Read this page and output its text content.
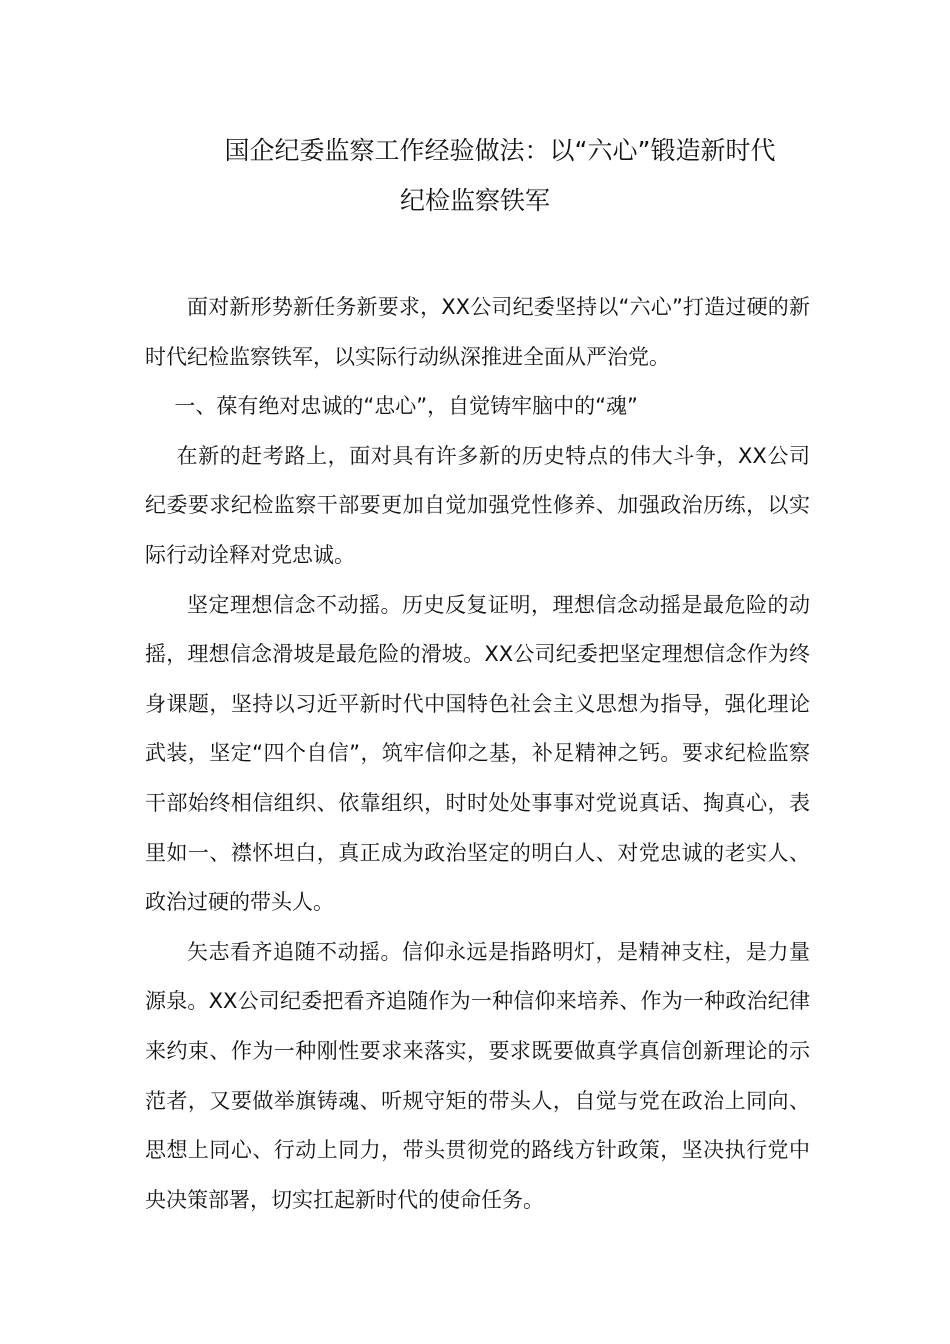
国企纪委监察工作经验做法：以“六心”锻造新时代
纪检监察铁军

面对新形势新任务新要求，XX公司纪委坚持以“六心”打造过硬的新时代纪检监察铁军，以实际行动纵深推进全面从严治党。

一、葆有绝对忠诚的“忠心”，自觉铸牢脑中的“魂”

在新的赶考路上，面对具有许多新的历史特点的伟大斗争，XX公司纪委要求纪检监察干部要更加自觉加强党性修养、加强政治历练，以实际行动诠释对党忠诚。

坚定理想信念不动摇。历史反复证明，理想信念动摇是最危险的动摇，理想信念滑坡是最危险的滑坡。XX公司纪委把坚定理想信念作为终身课题，坚持以习近平新时代中国特色社会主义思想为指导，强化理论武装，坚定“四个自信”，筑牢信仰之基，补足精神之钙。要求纪检监察干部始终相信组织、依靠组织，时时处处事事对党说真话、掏真心，表里如一、襟怀坦白，真正成为政治坚定的明白人、对党忠诚的老实人、政治过硬的带头人。

矢志看齐追随不动摇。信仰永远是指路明灯，是精神支柱，是力量源泉。XX公司纪委把看齐追随作为一种信仰来培养、作为一种政治纪律来约束、作为一种刚性要求来落实，要求既要做真学真信创新理论的示范者，又要做举旗铸魂、听规守矩的带头人，自觉与党在政治上同向、思想上同心、行动上同力，带头贯彻党的路线方针政策，坚决执行党中央决策部署，切实扛起新时代的使命任务。
